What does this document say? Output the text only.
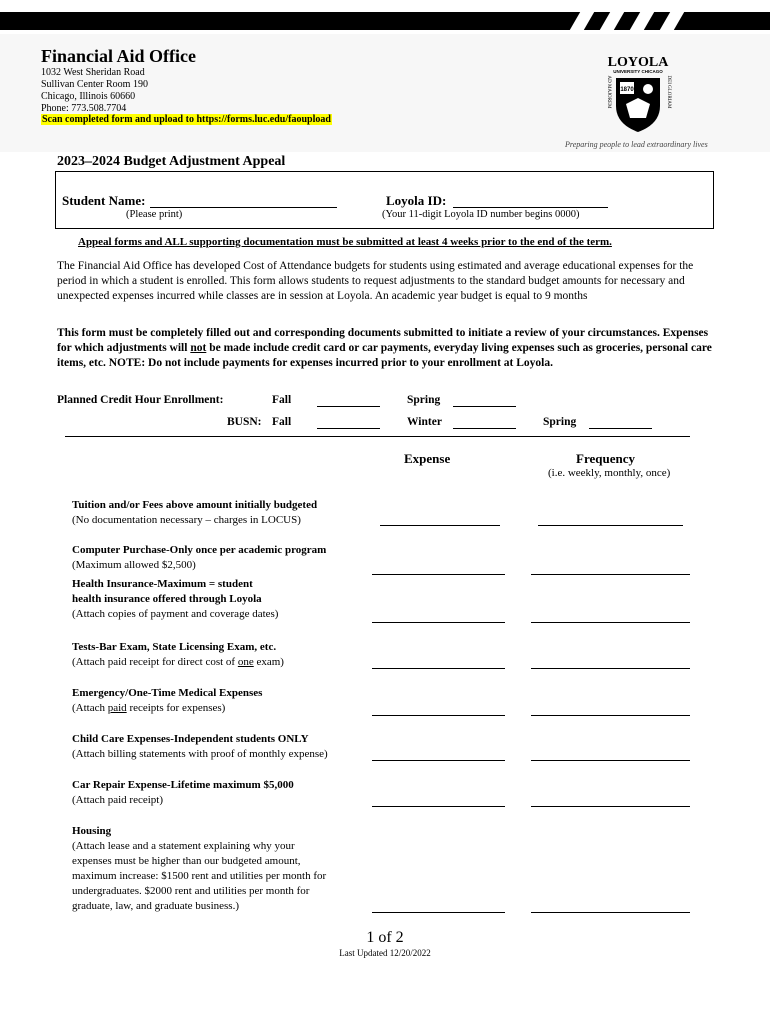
Financial Aid Office
1032 West Sheridan Road
Sullivan Center Room 190
Chicago, Illinois 60660
Phone: 773.508.7704
Scan completed form and upload to https://forms.luc.edu/faoupload
LOYOLA
UNIVERSITY CHICAGO
1870
AD MAJOREM	DEI GLORIAM
Preparing people to lead extraordinary lives
2023–2024 Budget Adjustment Appeal
Student Name:
(Please print)
Loyola ID:
(Your 11-digit Loyola ID number begins 0000)
Appeal forms and ALL supporting documentation must be submitted at least 4 weeks prior to the end of the term.
The Financial Aid Office has developed Cost of Attendance budgets for students using estimated and average educational expenses for the period in which a student is enrolled. This form allows students to request adjustments to the standard budget amounts for necessary and unexpected expenses incurred while classes are in session at Loyola. An academic year budget is equal to 9 months
This form must be completely filled out and corresponding documents submitted to initiate a review of your circumstances. Expenses for which adjustments will not be made include credit card or car payments, everyday living expenses such as groceries, personal care items, etc. NOTE: Do not include payments for expenses incurred prior to your enrollment at Loyola.
Planned Credit Hour Enrollment:	Fall	Spring
BUSN: Fall	Winter	Spring
Expense	Frequency
(i.e. weekly, monthly, once)
Tuition and/or Fees above amount initially budgeted
(No documentation necessary – charges in LOCUS)
Computer Purchase-Only once per academic program
(Maximum allowed $2,500)
Health Insurance-Maximum = student
health insurance offered through Loyola
(Attach copies of payment and coverage dates)
Tests-Bar Exam, State Licensing Exam, etc.
(Attach paid receipt for direct cost of one exam)
Emergency/One-Time Medical Expenses
(Attach paid receipts for expenses)
Child Care Expenses-Independent students ONLY
(Attach billing statements with proof of monthly expense)
Car Repair Expense-Lifetime maximum $5,000
(Attach paid receipt)
Housing
(Attach lease and a statement explaining why your
expenses must be higher than our budgeted amount,
maximum increase: $1500 rent and utilities per month for
undergraduates. $2000 rent and utilities per month for
graduate, law, and graduate business.)
1 of 2
Last Updated 12/20/2022
